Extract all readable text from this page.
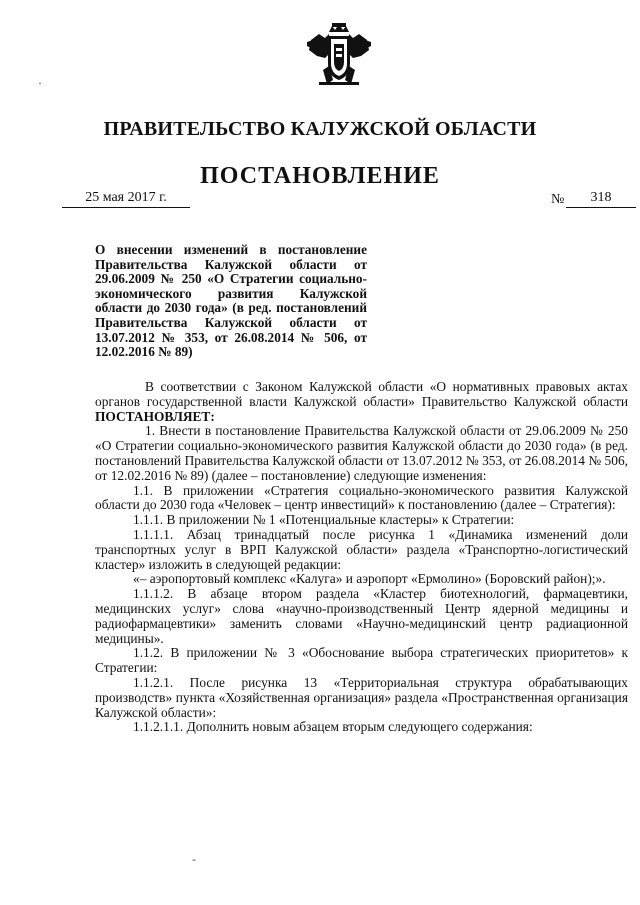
ПРАВИТЕЛЬСТВО КАЛУЖСКОЙ ОБЛАСТИ
ПОСТАНОВЛЕНИЕ
25 мая 2017 г.	№	318
О внесении изменений в постановление Правительства Калужской области от 29.06.2009 № 250 «О Стратегии социально-экономического развития Калужской области до 2030 года» (в ред. постановлений Правительства Калужской области от 13.07.2012 № 353, от 26.08.2014 № 506, от 12.02.2016 № 89)

В соответствии с Законом Калужской области «О нормативных правовых актах органов государственной власти Калужской области» Правительство Калужской области ПОСТАНОВЛЯЕТ:

1. Внести в постановление Правительства Калужской области от 29.06.2009 № 250 «О Стратегии социально-экономического развития Калужской области до 2030 года» (в ред. постановлений Правительства Калужской области от 13.07.2012 № 353, от 26.08.2014 № 506, от 12.02.2016 № 89) (далее – постановление) следующие изменения:

1.1. В приложении «Стратегия социально-экономического развития Калужской области до 2030 года «Человек – центр инвестиций» к постановлению (далее – Стратегия):

1.1.1. В приложении № 1 «Потенциальные кластеры» к Стратегии:

1.1.1.1. Абзац тринадцатый после рисунка 1 «Динамика изменений доли транспортных услуг в ВРП Калужской области» раздела «Транспортно-логистический кластер» изложить в следующей редакции:

«– аэропортовый комплекс «Калуга» и аэропорт «Ермолино» (Боровский район);».

1.1.1.2. В абзаце втором раздела «Кластер биотехнологий, фармацевтики, медицинских услуг» слова «научно-производственный Центр ядерной медицины и радиофармацевтики» заменить словами «Научно-медицинский центр радиационной медицины».

1.1.2. В приложении № 3 «Обоснование выбора стратегических приоритетов» к Стратегии:

1.1.2.1. После рисунка 13 «Территориальная структура обрабатывающих производств» пункта «Хозяйственная организация» раздела «Пространственная организация Калужской области»:

1.1.2.1.1. Дополнить новым абзацем вторым следующего содержания:

·
-
